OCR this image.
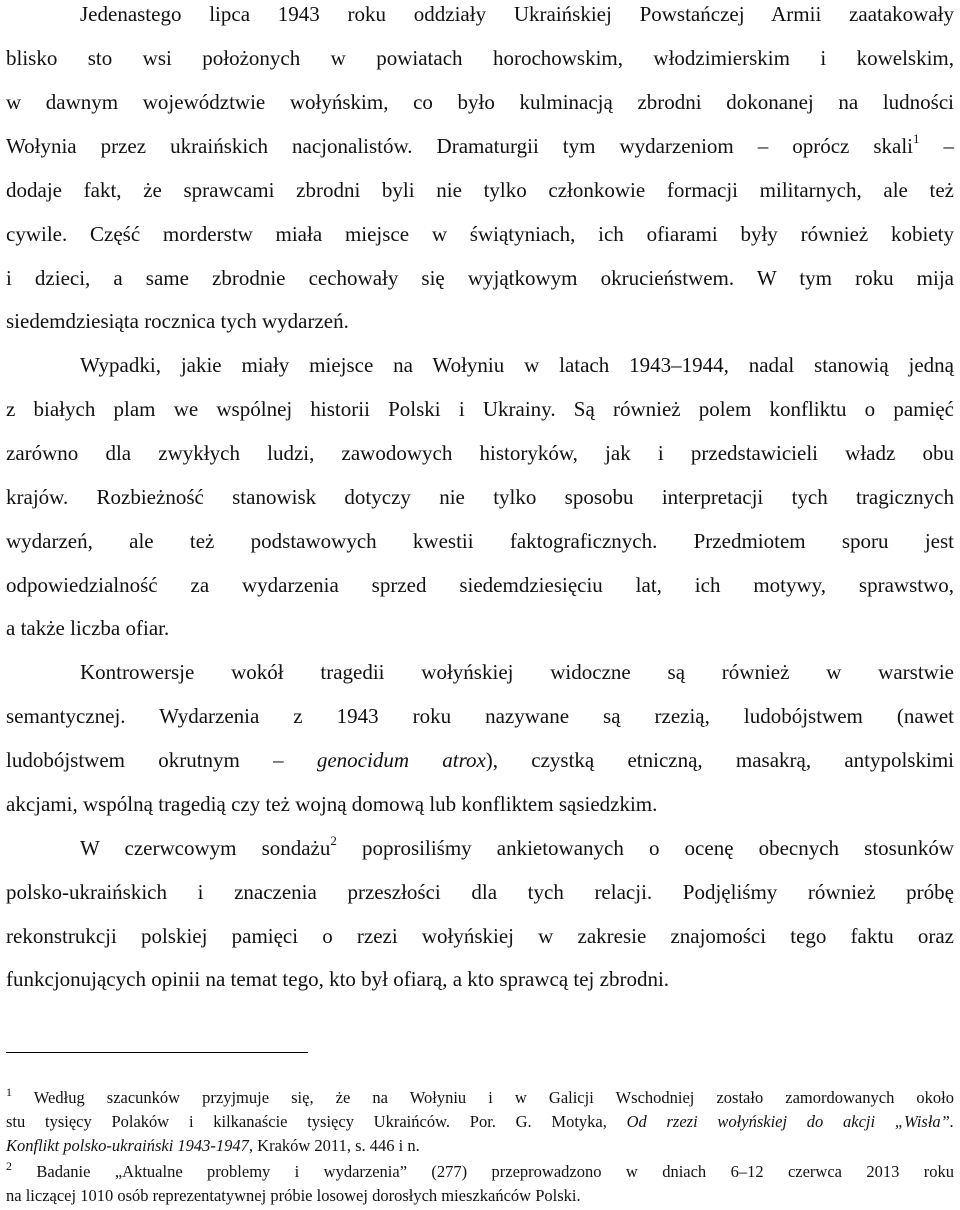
Jedenastego lipca 1943 roku oddziały Ukraińskiej Powstańczej Armii zaatakowały
blisko sto wsi położonych w powiatach horochowskim, włodzimierskim i kowelskim,
w dawnym województwie wołyńskim, co było kulminacją zbrodni dokonanej na ludności
Wołynia przez ukraińskich nacjonalistów. Dramaturgii tym wydarzeniom – oprócz skali$^1$ –
dodaje fakt, że sprawcami zbrodni byli nie tylko członkowie formacji militarnych, ale też
cywile. Część morderstw miała miejsce w świątyniach, ich ofiarami były również kobiety
i dzieci, a same zbrodnie cechowały się wyjątkowym okrucieństwem. W tym roku mija
siedemdziesiąta rocznica tych wydarzeń.
Wypadki, jakie miały miejsce na Wołyniu w latach 1943–1944, nadal stanowią jedną
z białych plam we wspólnej historii Polski i Ukrainy. Są również polem konfliktu o pamięć
zarówno dla zwykłych ludzi, zawodowych historyków, jak i przedstawicieli władz obu
krajów. Rozbieżność stanowisk dotyczy nie tylko sposobu interpretacji tych tragicznych
wydarzeń, ale też podstawowych kwestii faktograficznych. Przedmiotem sporu jest
odpowiedzialność za wydarzenia sprzed siedemdziesięciu lat, ich motywy, sprawstwo,
a także liczba ofiar.
Kontrowersje wokół tragedii wołyńskiej widoczne są również w warstwie
semantycznej. Wydarzenia z 1943 roku nazywane są rzezią, ludobójstwem (nawet
ludobójstwem okrutnym – genocidum atrox), czystką etniczną, masakrą, antypolskimi
akcjami, wspólną tragedią czy też wojną domową lub konfliktem sąsiedzkim.
W czerwcowym sondażu$^2$ poprosiliśmy ankietowanych o ocenę obecnych stosunków
polsko-ukraińskich i znaczenia przeszłości dla tych relacji. Podjęliśmy również próbę
rekonstrukcji polskiej pamięci o rzezi wołyńskiej w zakresie znajomości tego faktu oraz
funkcjonujących opinii na temat tego, kto był ofiarą, a kto sprawcą tej zbrodni.
$^1$ Według szacunków przyjmuje się, że na Wołyniu i w Galicji Wschodniej zostało zamordowanych około
stu tysięcy Polaków i kilkanaście tysięcy Ukraińców. Por. G. Motyka, Od rzezi wołyńskiej do akcji „Wisła”.
Konflikt polsko-ukraiński 1943-1947, Kraków 2011, s. 446 i n.
$^2$ Badanie „Aktualne problemy i wydarzenia” (277) przeprowadzono w dniach 6–12 czerwca 2013 roku
na liczącej 1010 osób reprezentatywnej próbie losowej dorosłych mieszkańców Polski.
